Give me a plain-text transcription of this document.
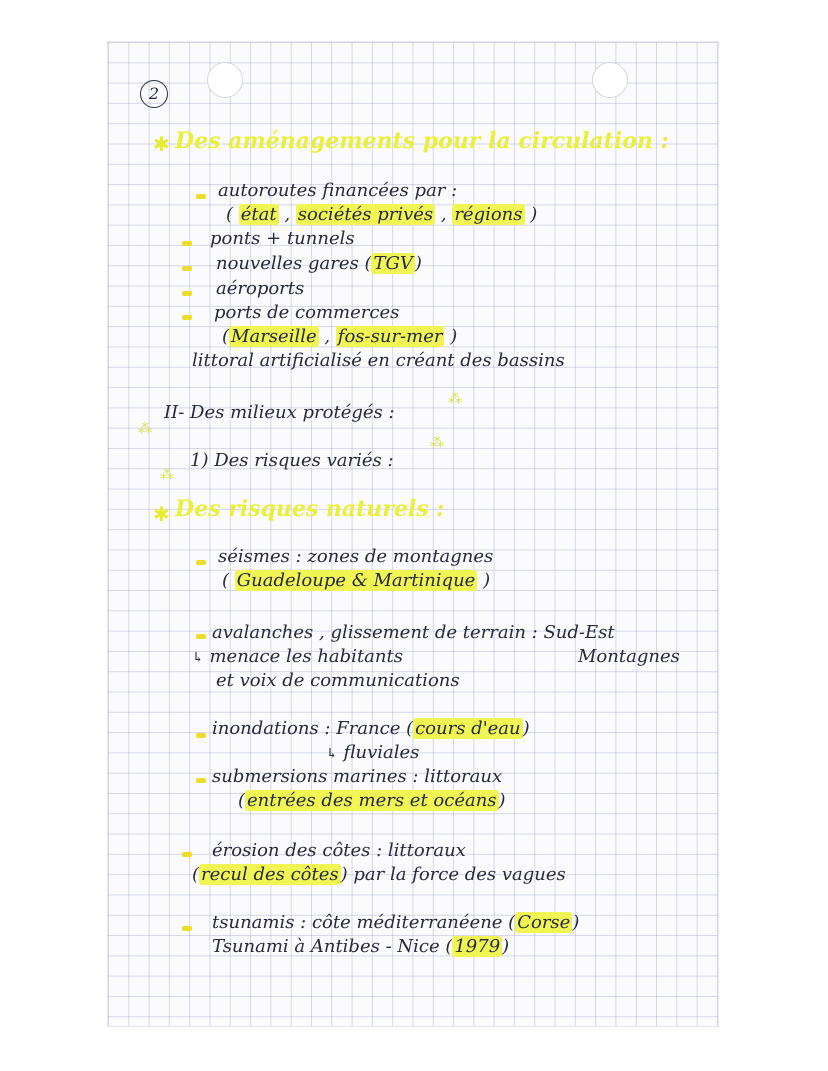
2
✱ Des aménagements pour la circulation :
autoroutes financées par :
( état , sociétés privés , régions )
ponts + tunnels
nouvelles gares ( TGV )
aéroports
ports de commerces
( Marseille , fos-sur-mer )
littoral artificialisé en créant des bassins
⁂
II- Des milieux protégés :
⁂
⁂
1) Des risques variés :
⁂
✱ Des risques naturels :
séismes : zones de montagnes
( Guadeloupe & Martinique )
avalanches , glissement de terrain : Sud-Est
↳ menace les habitants	Montagnes
et voix de communications
inondations : France ( cours d'eau )
↳ fluviales
submersions marines : littoraux
( entrées des mers et océans )
érosion des côtes : littoraux
( recul des côtes ) par la force des vagues
tsunamis : côte méditerranéene ( Corse )
Tsunami à Antibes - Nice ( 1979 )
